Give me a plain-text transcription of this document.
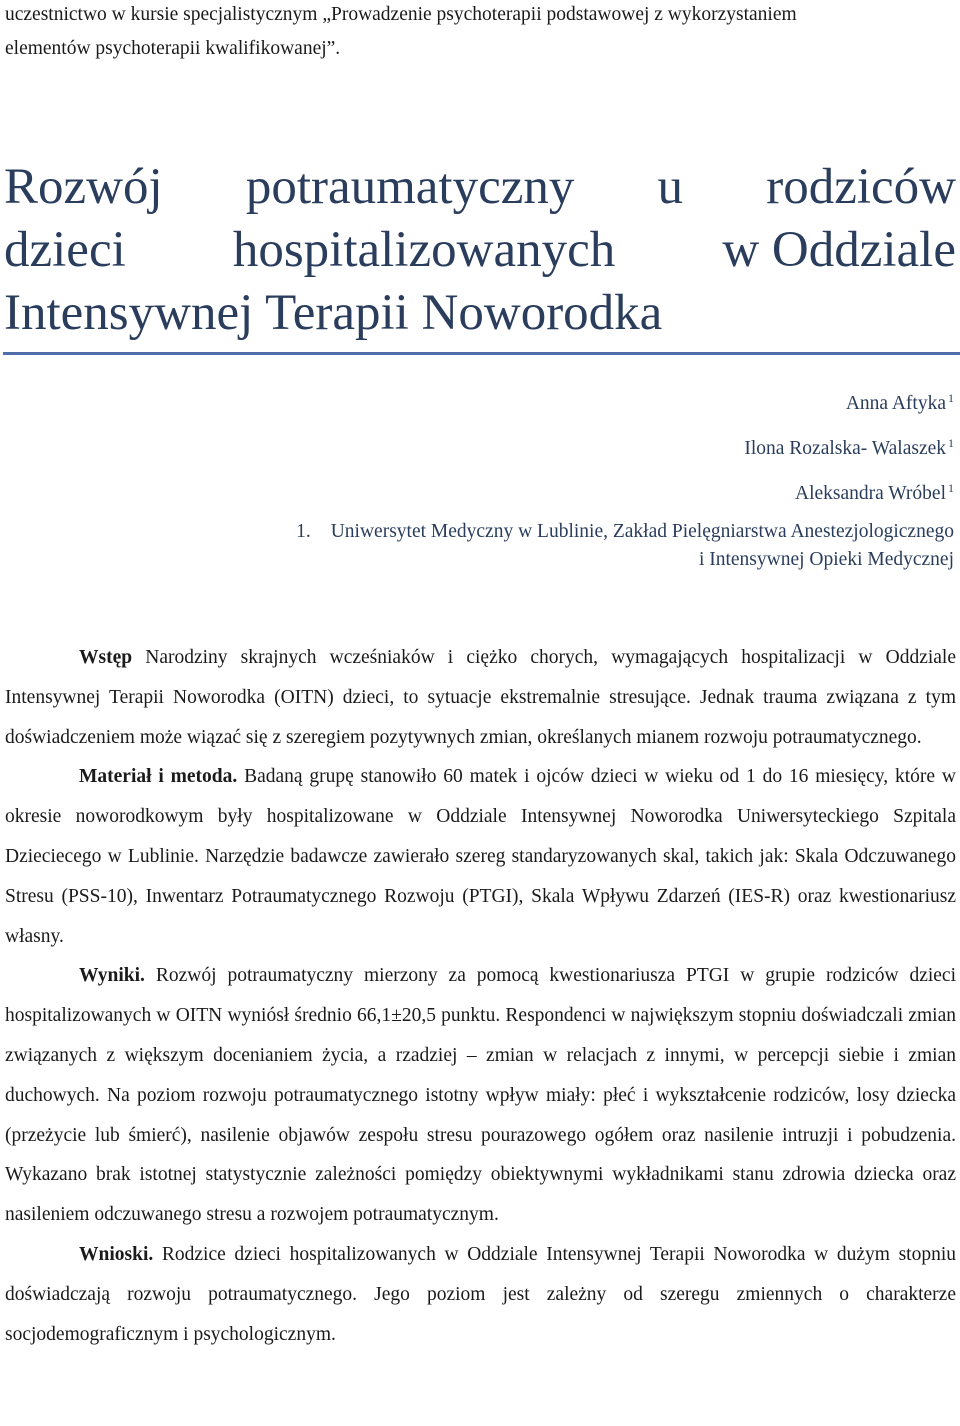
uczestnictwo w kursie specjalistycznym „Prowadzenie psychoterapii podstawowej z wykorzystaniem
elementów psychoterapii kwalifikowanej”.
Rozwój potraumatyczny u rodziców
dzieci hospitalizowanych w Oddziale
Intensywnej Terapii Noworodka
Anna Aftyka $^1$
Ilona Rozalska- Walaszek $^1$
Aleksandra Wróbel $^1$
1. Uniwersytet Medyczny w Lublinie, Zakład Pielęgniarstwa Anestezjologicznego
i Intensywnej Opieki Medycznej

Wstęp Narodziny skrajnych wcześniaków i ciężko chorych, wymagających hospitalizacji w Oddziale Intensywnej Terapii Noworodka (OITN) dzieci, to sytuacje ekstremalnie stresujące. Jednak trauma związana z tym doświadczeniem może wiązać się z szeregiem pozytywnych zmian, określanych mianem rozwoju potraumatycznego.

Materiał i metoda. Badaną grupę stanowiło 60 matek i ojców dzieci w wieku od 1 do 16 miesięcy, które w okresie noworodkowym były hospitalizowane w Oddziale Intensywnej Noworodka Uniwersyteckiego Szpitala Dzieciecego w Lublinie. Narzędzie badawcze zawierało szereg standaryzowanych skal, takich jak: Skala Odczuwanego Stresu (PSS-10), Inwentarz Potraumatycznego Rozwoju (PTGI), Skala Wpływu Zdarzeń (IES-R) oraz kwestionariusz własny.

Wyniki. Rozwój potraumatyczny mierzony za pomocą kwestionariusza PTGI w grupie rodziców dzieci hospitalizowanych w OITN wyniósł średnio 66,1±20,5 punktu. Respondenci w największym stopniu doświadczali zmian związanych z większym docenianiem życia, a rzadziej – zmian w relacjach z innymi, w percepcji siebie i zmian duchowych. Na poziom rozwoju potraumatycznego istotny wpływ miały: płeć i wykształcenie rodziców, losy dziecka (przeżycie lub śmierć), nasilenie objawów zespołu stresu pourazowego ogółem oraz nasilenie intruzji i pobudzenia. Wykazano brak istotnej statystycznie zależności pomiędzy obiektywnymi wykładnikami stanu zdrowia dziecka oraz nasileniem odczuwanego stresu a rozwojem potraumatycznym.

Wnioski. Rodzice dzieci hospitalizowanych w Oddziale Intensywnej Terapii Noworodka w dużym stopniu doświadczają rozwoju potraumatycznego. Jego poziom jest zależny od szeregu zmiennych o charakterze socjodemograficznym i psychologicznym.
